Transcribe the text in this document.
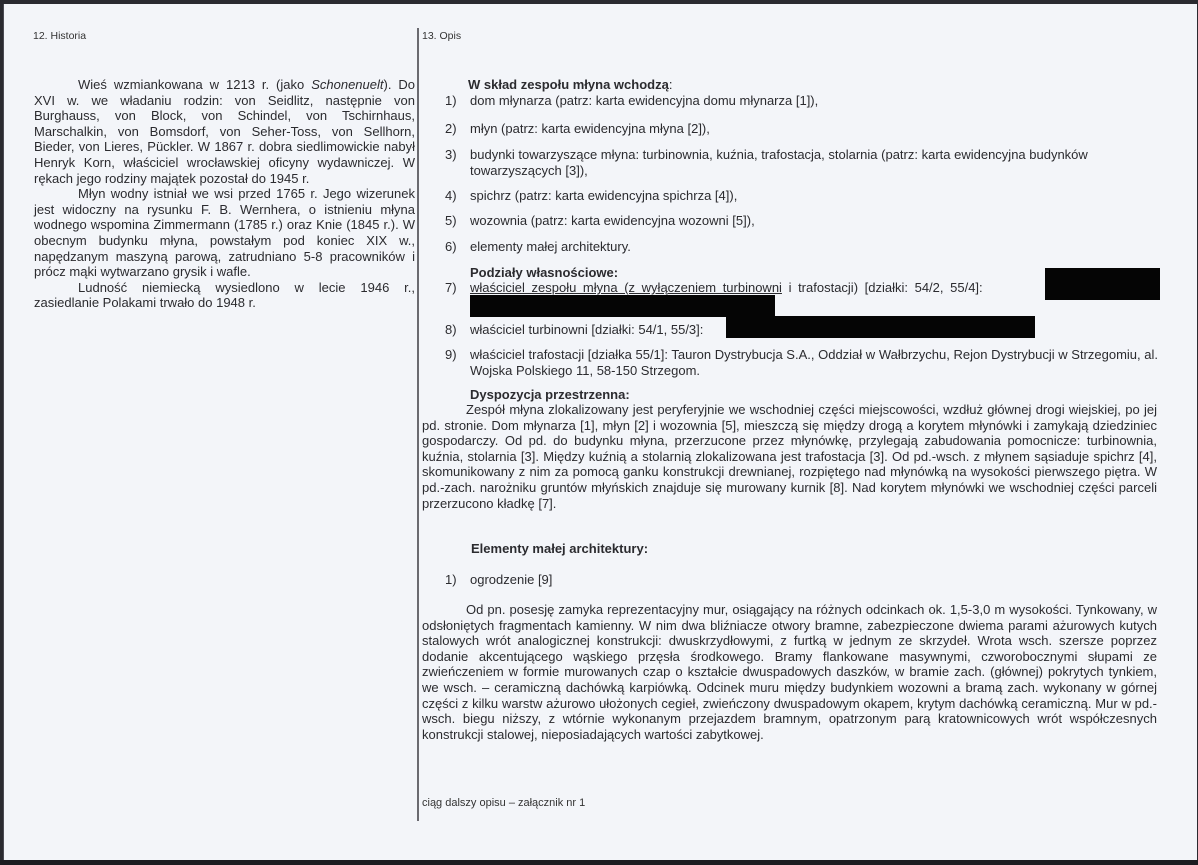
12. Historia

Wieś wzmiankowana w 1213 r. (jako Schonenuelt). Do XVI w. we władaniu rodzin: von Seidlitz, następnie von Burghauss, von Block, von Schindel, von Tschirnhaus, Marschalkin, von Bomsdorf, von Seher-Toss, von Sellhorn, Bieder, von Lieres, Pückler. W 1867 r. dobra siedlimowickie nabył Henryk Korn, właściciel wrocławskiej oficyny wydawniczej. W rękach jego rodziny majątek pozostał do 1945 r.

Młyn wodny istniał we wsi przed 1765 r. Jego wizerunek jest widoczny na rysunku F. B. Wernhera, o istnieniu młyna wodnego wspomina Zimmermann (1785 r.) oraz Knie (1845 r.). W obecnym budynku młyna, powstałym pod koniec XIX w., napędzanym maszyną parową, zatrudniano 5-8 pracowników i prócz mąki wytwarzano grysik i wafle.

Ludność niemiecką wysiedlono w lecie 1946 r., zasiedlanie Polakami trwało do 1948 r.

13. Opis
W skład zespołu młyna wchodzą:
1) dom młynarza (patrz: karta ewidencyjna domu młynarza [1]),
2) młyn (patrz: karta ewidencyjna młyna [2]),
3) budynki towarzyszące młyna: turbinownia, kuźnia, trafostacja, stolarnia (patrz: karta ewidencyjna budynków towarzyszących [3]),
4) spichrz (patrz: karta ewidencyjna spichrza [4]),
5) wozownia (patrz: karta ewidencyjna wozowni [5]),
6) elementy małej architektury.
Podziały własnościowe:
7) właściciel zespołu młyna (z wyłączeniem turbinowni i trafostacji) [działki: 54/2, 55/4]:
8) właściciel turbinowni [działki: 54/1, 55/3]:
9) właściciel trafostacji [działka 55/1]: Tauron Dystrybucja S.A., Oddział w Wałbrzychu, Rejon Dystrybucji w Strzegomiu, al. Wojska Polskiego 11, 58-150 Strzegom.
Dyspozycja przestrzenna:
Zespół młyna zlokalizowany jest peryferyjnie we wschodniej części miejscowości, wzdłuż głównej drogi wiejskiej, po jej pd. stronie. Dom młynarza [1], młyn [2] i wozownia [5], mieszczą się między drogą a korytem młynówki i zamykają dziedziniec gospodarczy. Od pd. do budynku młyna, przerzucone przez młynówkę, przylegają zabudowania pomocnicze: turbinownia, kuźnia, stolarnia [3]. Między kuźnią a stolarnią zlokalizowana jest trafostacja [3]. Od pd.-wsch. z młynem sąsiaduje spichrz [4], skomunikowany z nim za pomocą ganku konstrukcji drewnianej, rozpiętego nad młynówką na wysokości pierwszego piętra. W pd.-zach. narożniku gruntów młyńskich znajduje się murowany kurnik [8]. Nad korytem młynówki we wschodniej części parceli przerzucono kładkę [7].
Elementy małej architektury:
1) ogrodzenie [9]
Od pn. posesję zamyka reprezentacyjny mur, osiągający na różnych odcinkach ok. 1,5-3,0 m wysokości. Tynkowany, w odsłoniętych fragmentach kamienny. W nim dwa bliźniacze otwory bramne, zabezpieczone dwiema parami ażurowych kutych stalowych wrót analogicznej konstrukcji: dwuskrzydłowymi, z furtką w jednym ze skrzydeł. Wrota wsch. szersze poprzez dodanie akcentującego wąskiego przęsła środkowego. Bramy flankowane masywnymi, czworobocznymi słupami ze zwieńczeniem w formie murowanych czap o kształcie dwuspadowych daszków, w bramie zach. (głównej) pokrytych tynkiem, we wsch. – ceramiczną dachówką karpiówką. Odcinek muru między budynkiem wozowni a bramą zach. wykonany w górnej części z kilku warstw ażurowo ułożonych cegieł, zwieńczony dwuspadowym okapem, krytym dachówką ceramiczną. Mur w pd.-wsch. biegu niższy, z wtórnie wykonanym przejazdem bramnym, opatrzonym parą kratownicowych wrót współczesnych konstrukcji stalowej, nieposiadających wartości zabytkowej.
ciąg dalszy opisu – załącznik nr 1
